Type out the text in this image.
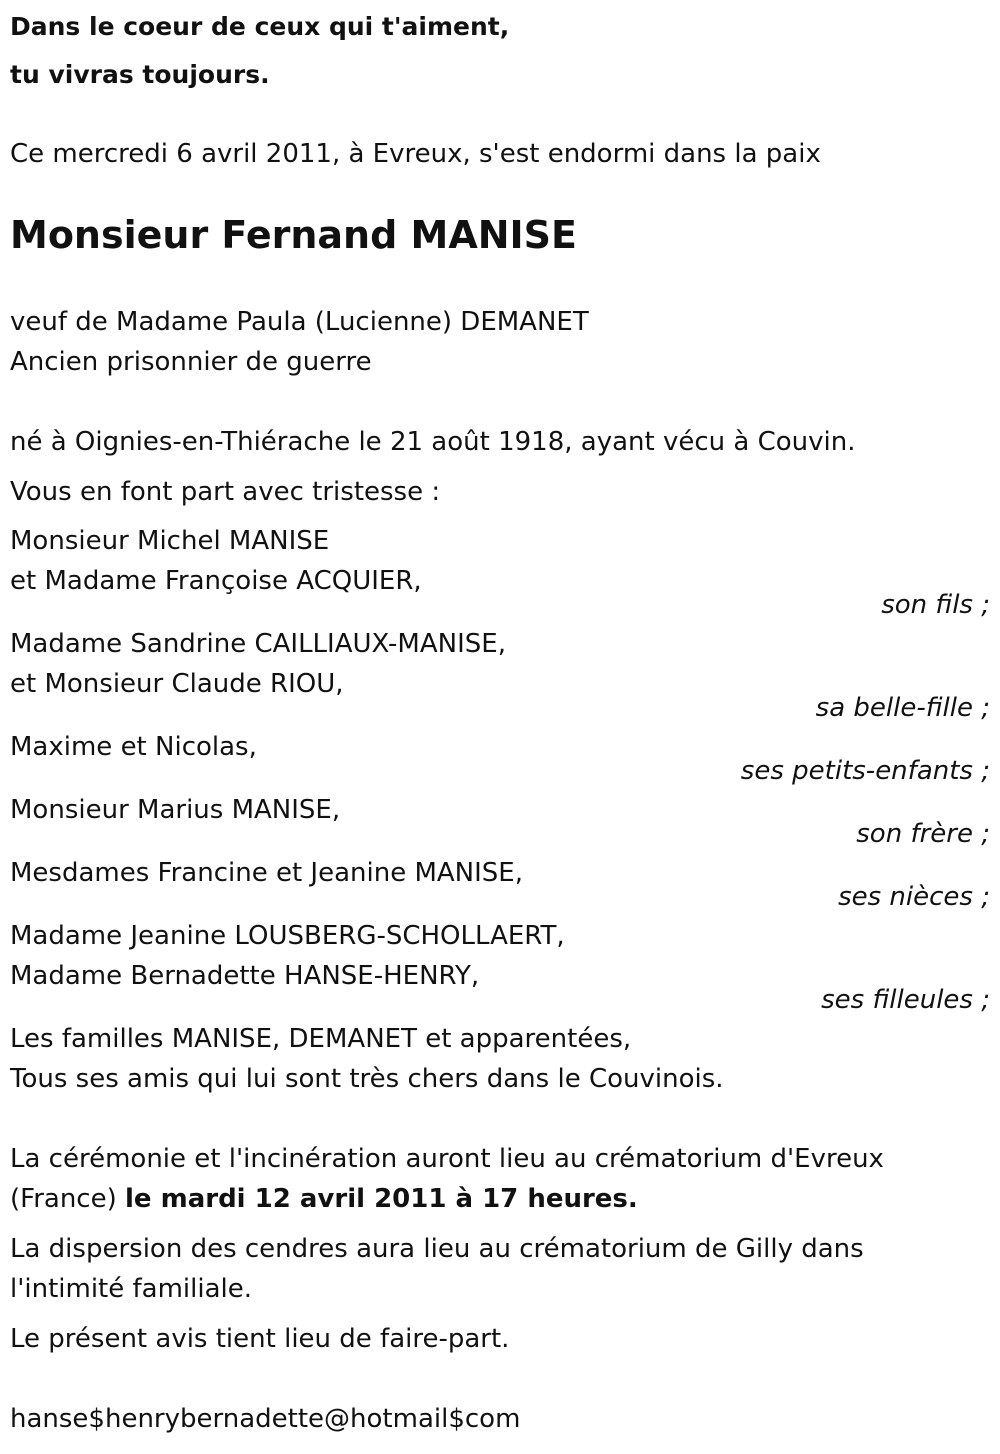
Dans le coeur de ceux qui t'aiment,
tu vivras toujours.
Ce mercredi 6 avril 2011, à Evreux, s'est endormi dans la paix
Monsieur Fernand MANISE
veuf de Madame Paula (Lucienne) DEMANET
Ancien prisonnier de guerre
né à Oignies-en-Thiérache le 21 août 1918, ayant vécu à Couvin.
Vous en font part avec tristesse :
Monsieur Michel MANISE
et Madame Françoise ACQUIER,
son fils ;
Madame Sandrine CAILLIAUX-MANISE,
et Monsieur Claude RIOU,
sa belle-fille ;
Maxime et Nicolas,
ses petits-enfants ;
Monsieur Marius MANISE,
son frère ;
Mesdames Francine et Jeanine MANISE,
ses nièces ;
Madame Jeanine LOUSBERG-SCHOLLAERT,
Madame Bernadette HANSE-HENRY,
ses filleules ;
Les familles MANISE, DEMANET et apparentées,
Tous ses amis qui lui sont très chers dans le Couvinois.
La cérémonie et l'incinération auront lieu au crématorium d'Evreux
(France) le mardi 12 avril 2011 à 17 heures.
La dispersion des cendres aura lieu au crématorium de Gilly dans
l'intimité familiale.
Le présent avis tient lieu de faire-part.
hanse$henrybernadette@hotmail$com
